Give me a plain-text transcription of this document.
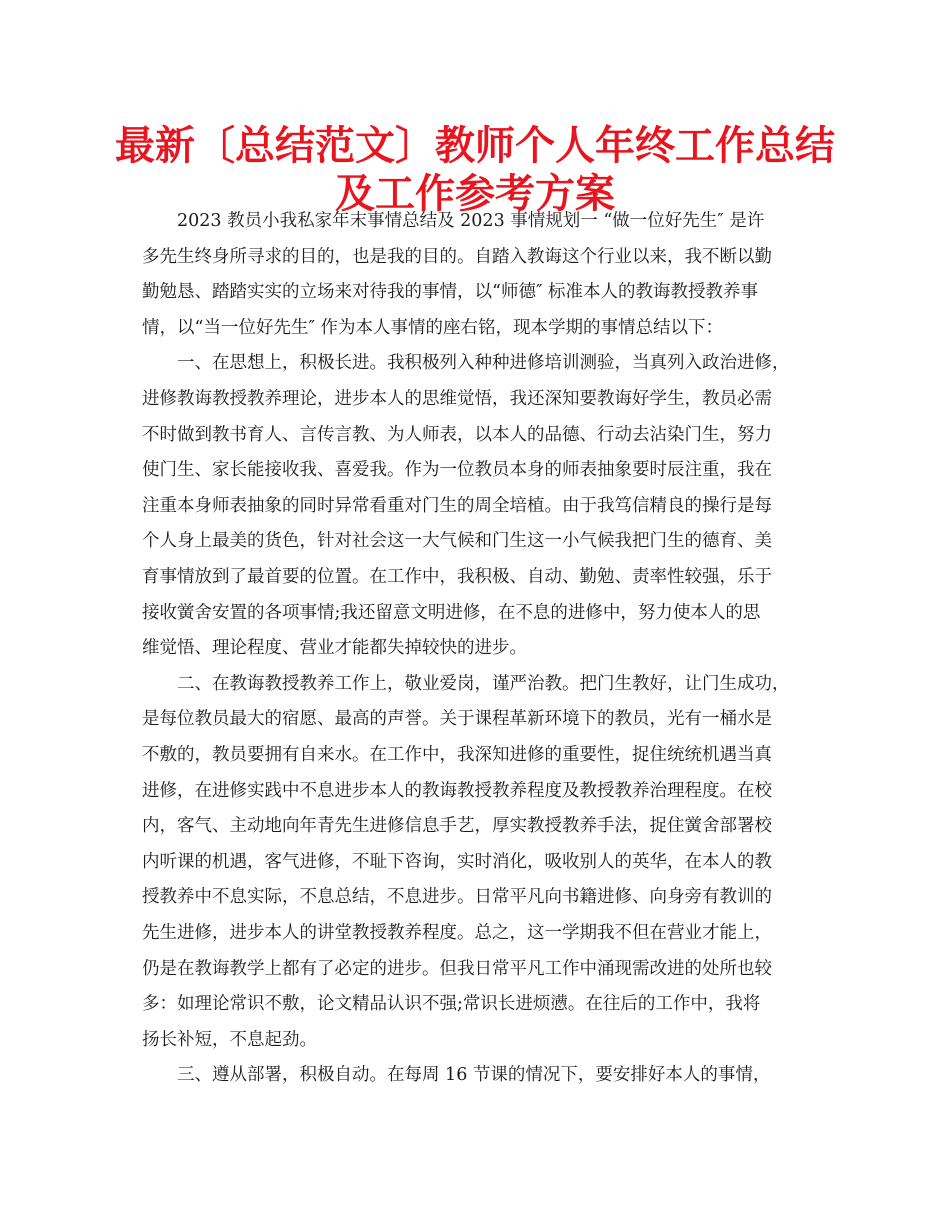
最新〔总结范文〕教师个人年终工作总结
及工作参考方案
　　2023 教员小我私家年末事情总结及 2023 事情规划一 “做一位好先生″ 是许
多先生终身所寻求的目的，也是我的目的。自踏入教诲这个行业以来，我不断以勤
勤勉恳、踏踏实实的立场来对待我的事情，以“师德″ 标准本人的教诲教授教养事
情，以“当一位好先生″ 作为本人事情的座右铭，现本学期的事情总结以下：
　　一、在思想上，积极长进。我积极列入种种进修培训测验，当真列入政治进修，
进修教诲教授教养理论，进步本人的思维觉悟，我还深知要教诲好学生，教员必需
不时做到教书育人、言传言教、为人师表，以本人的品德、行动去沾染门生，努力
使门生、家长能接收我、喜爱我。作为一位教员本身的师表抽象要时辰注重，我在
注重本身师表抽象的同时异常看重对门生的周全培植。由于我笃信精良的操行是每
个人身上最美的货色，针对社会这一大气候和门生这一小气候我把门生的德育、美
育事情放到了最首要的位置。在工作中，我积极、自动、勤勉、责率性较强，乐于
接收黉舍安置的各项事情;我还留意文明进修，在不息的进修中，努力使本人的思
维觉悟、理论程度、营业才能都失掉较快的进步。
　　二、在教诲教授教养工作上，敬业爱岗，谨严治教。把门生教好，让门生成功，
是每位教员最大的宿愿、最高的声誉。关于课程革新环境下的教员，光有一桶水是
不敷的，教员要拥有自来水。在工作中，我深知进修的重要性，捉住统统机遇当真
进修，在进修实践中不息进步本人的教诲教授教养程度及教授教养治理程度。在校
内，客气、主动地向年青先生进修信息手艺，厚实教授教养手法，捉住黉舍部署校
内听课的机遇，客气进修，不耻下咨询，实时消化，吸收别人的英华，在本人的教
授教养中不息实际，不息总结，不息进步。日常平凡向书籍进修、向身旁有教训的
先生进修，进步本人的讲堂教授教养程度。总之，这一学期我不但在营业才能上，
仍是在教诲教学上都有了必定的进步。但我日常平凡工作中涌现需改进的处所也较
多：如理论常识不敷，论文精品认识不强;常识长进烦懑。在往后的工作中，我将
扬长补短，不息起劲。
　　三、遵从部署，积极自动。在每周 16 节课的情况下，要安排好本人的事情，
